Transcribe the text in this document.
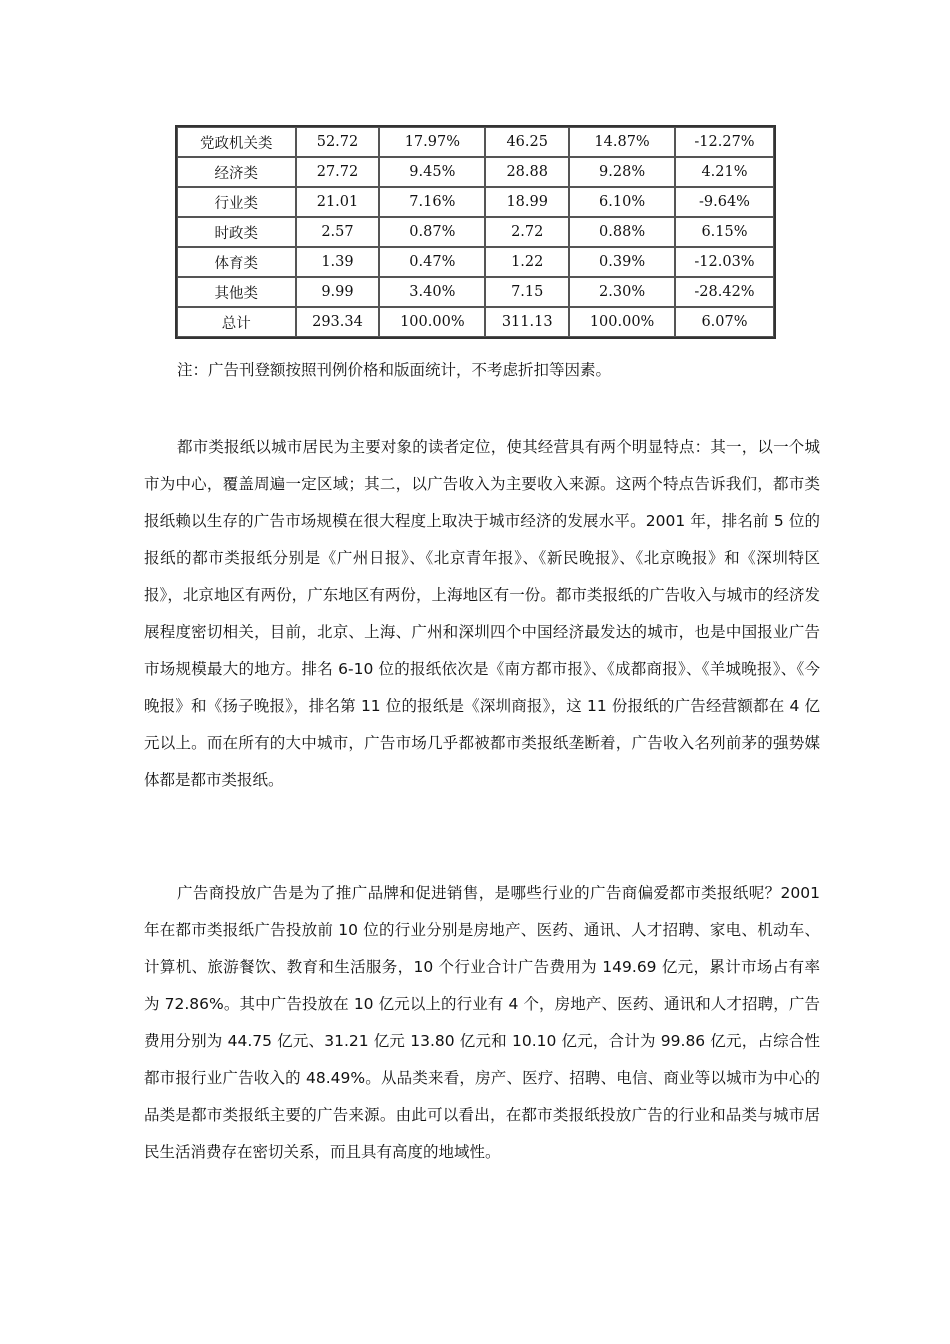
党政机关类	52.72	17.97%	46.25	14.87%	-12.27%
经济类	27.72	9.45%	28.88	9.28%	4.21%
行业类	21.01	7.16%	18.99	6.10%	-9.64%
时政类	2.57	0.87%	2.72	0.88%	6.15%
体育类	1.39	0.47%	1.22	0.39%	-12.03%
其他类	9.99	3.40%	7.15	2.30%	-28.42%
总计	293.34	100.00%	311.13	100.00%	6.07%
注：广告刊登额按照刊例价格和版面统计，不考虑折扣等因素。

都市类报纸以城市居民为主要对象的读者定位，使其经营具有两个明显特点：其一，以一个城市为中心，覆盖周遍一定区域；其二，以广告收入为主要收入来源。这两个特点告诉我们，都市类报纸赖以生存的广告市场规模在很大程度上取决于城市经济的发展水平。2001 年，排名前 5 位的报纸的都市类报纸分别是《广州日报》、《北京青年报》、《新民晚报》、《北京晚报》和《深圳特区报》，北京地区有两份，广东地区有两份，上海地区有一份。都市类报纸的广告收入与城市的经济发展程度密切相关，目前，北京、上海、广州和深圳四个中国经济最发达的城市，也是中国报业广告市场规模最大的地方。排名 6-10 位的报纸依次是《南方都市报》、《成都商报》、《羊城晚报》、《今晚报》和《扬子晚报》，排名第 11 位的报纸是《深圳商报》，这 11 份报纸的广告经营额都在 4 亿元以上。而在所有的大中城市，广告市场几乎都被都市类报纸垄断着，广告收入名列前茅的强势媒体都是都市类报纸。

广告商投放广告是为了推广品牌和促进销售，是哪些行业的广告商偏爱都市类报纸呢？2001 年在都市类报纸广告投放前 10 位的行业分别是房地产、医药、通讯、人才招聘、家电、机动车、计算机、旅游餐饮、教育和生活服务，10 个行业合计广告费用为 149.69 亿元，累计市场占有率为 72.86%。其中广告投放在 10 亿元以上的行业有 4 个，房地产、医药、通讯和人才招聘，广告费用分别为 44.75 亿元、31.21 亿元 13.80 亿元和 10.10 亿元，合计为 99.86 亿元，占综合性都市报行业广告收入的 48.49%。从品类来看，房产、医疗、招聘、电信、商业等以城市为中心的品类是都市类报纸主要的广告来源。由此可以看出，在都市类报纸投放广告的行业和品类与城市居民生活消费存在密切关系，而且具有高度的地域性。
